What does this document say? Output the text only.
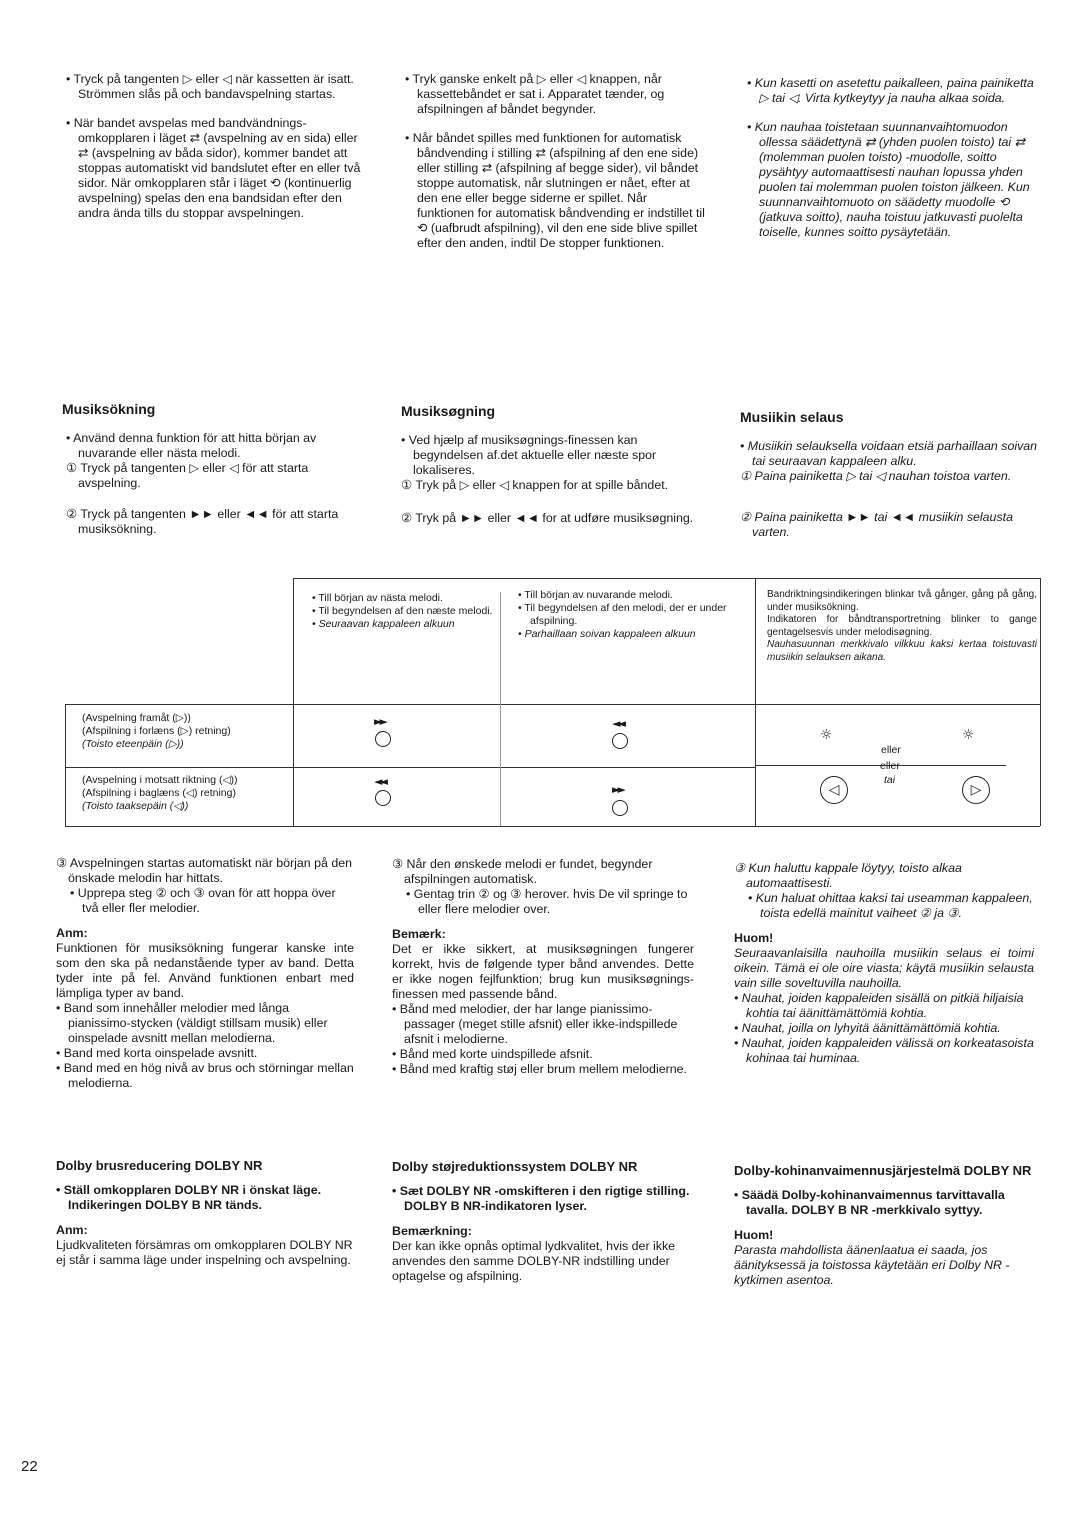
• Tryck på tangenten ▷ eller ◁ när kassetten är isatt. Strömmen slås på och bandavspelning startas.

• När bandet avspelas med bandvändnings-omkopplaren i läget ⇄ (avspelning av en sida) eller ⇄ (avspelning av båda sidor), kommer bandet att stoppas automatiskt vid bandslutet efter en eller två sidor. När omkopplaren står i läget ⟲ (kontinuerlig avspelning) spelas den ena bandsidan efter den andra ända tills du stoppar avspelningen.

• Tryk ganske enkelt på ▷ eller ◁ knappen, når kassettebåndet er sat i. Apparatet tænder, og afspilningen af båndet begynder.

• Når båndet spilles med funktionen for automatisk båndvending i stilling ⇄ (afspilning af den ene side) eller stilling ⇄ (afspilning af begge sider), vil båndet stoppe automatisk, når slutningen er nået, efter at den ene eller begge siderne er spillet. Når funktionen for automatisk båndvending er indstillet til ⟲ (uafbrudt afspilning), vil den ene side blive spillet efter den anden, indtil De stopper funktionen.

• Kun kasetti on asetettu paikalleen, paina painiketta ▷ tai ◁. Virta kytkeytyy ja nauha alkaa soida.

• Kun nauhaa toistetaan suunnanvaihtomuodon ollessa säädettynä ⇄ (yhden puolen toisto) tai ⇄ (molemman puolen toisto) -muodolle, soitto pysähtyy automaattisesti nauhan lopussa yhden puolen tai molemman puolen toiston jälkeen. Kun suunnanvaihtomuoto on säädetty muodolle ⟲ (jatkuva soitto), nauha toistuu jatkuvasti puolelta toiselle, kunnes soitto pysäytetään.

Musiksökning

• Använd denna funktion för att hitta början av nuvarande eller nästa melodi.

① Tryck på tangenten ▷ eller ◁ för att starta avspelning.

② Tryck på tangenten ►► eller ◄◄ för att starta musiksökning.

Musiksøgning

• Ved hjælp af musiksøgnings-finessen kan begyndelsen af.det aktuelle eller næste spor lokaliseres.

① Tryk på ▷ eller ◁ knappen for at spille båndet.

② Tryk på ►► eller ◄◄ for at udføre musiksøgning.

Musiikin selaus

• Musiikin selauksella voidaan etsiä parhaillaan soivan tai seuraavan kappaleen alku.

① Paina painiketta ▷ tai ◁ nauhan toistoa varten.

② Paina painiketta ►► tai ◄◄ musiikin selausta varten.

• Till början av nästa melodi.
• Til begyndelsen af den næste melodi.
• Seuraavan kappaleen alkuun
• Till början av nuvarande melodi.
• Til begyndelsen af den melodi, der er under afspilning.
• Parhaillaan soivan kappaleen alkuun
Bandriktningsindikeringen blinkar två gånger, gång på gång, under musiksökning.
Indikatoren for båndtransportretning blinker to gange gentagelsesvis under melodisøgning.
Nauhasuunnan merkkivalo vilkkuu kaksi kertaa toistuvasti musiikin selauksen aikana.
(Avspelning framåt (▷))
(Afspilning i forlæns (▷) retning)
(Toisto eteenpäin (▷))
(Avspelning i motsatt riktning (◁))
(Afspilning i baglæns (◁) retning)
(Toisto taaksepäin (◁))
►►	◄◄
◄◄
►►
☼
eller
☼
◁
eller
tai
▷

③ Avspelningen startas automatiskt när början på den önskade melodin har hittats.

• Upprepa steg ② och ③ ovan för att hoppa över två eller fler melodier.

Anm:

Funktionen för musiksökning fungerar kanske inte som den ska på nedanstående typer av band. Detta tyder inte på fel. Använd funktionen enbart med lämpliga typer av band.

• Band som innehåller melodier med långa pianissimo-stycken (väldigt stillsam musik) eller oinspelade avsnitt mellan melodierna.

• Band med korta oinspelade avsnitt.

• Band med en hög nivå av brus och störningar mellan melodierna.

③ Når den ønskede melodi er fundet, begynder afspilningen automatisk.

• Gentag trin ② og ③ herover. hvis De vil springe to eller flere melodier over.

Bemærk:

Det er ikke sikkert, at musiksøgningen fungerer korrekt, hvis de følgende typer bånd anvendes. Dette er ikke nogen fejlfunktion; brug kun musiksøgnings-finessen med passende bånd.

• Bånd med melodier, der har lange pianissimo-passager (meget stille afsnit) eller ikke-indspillede afsnit i melodierne.

• Bånd med korte uindspillede afsnit.

• Bånd med kraftig støj eller brum mellem melodierne.

③ Kun haluttu kappale löytyy, toisto alkaa automaattisesti.

• Kun haluat ohittaa kaksi tai useamman kappaleen, toista edellä mainitut vaiheet ② ja ③.

Huom!

Seuraavanlaisilla nauhoilla musiikin selaus ei toimi oikein. Tämä ei ole oire viasta; käytä musiikin selausta vain sille soveltuvilla nauhoilla.

• Nauhat, joiden kappaleiden sisällä on pitkiä hiljaisia kohtia tai äänittämättömiä kohtia.

• Nauhat, joilla on lyhyitä äänittämättömiä kohtia.

• Nauhat, joiden kappaleiden välissä on korkeatasoista kohinaa tai huminaa.

Dolby brusreducering DOLBY NR

• Ställ omkopplaren DOLBY NR i önskat läge. Indikeringen DOLBY B NR tänds.

Anm:

Ljudkvaliteten försämras om omkopplaren DOLBY NR ej står i samma läge under inspelning och avspelning.

Dolby støjreduktionssystem DOLBY NR

• Sæt DOLBY NR -omskifteren i den rigtige stilling. DOLBY B NR-indikatoren lyser.

Bemærkning:

Der kan ikke opnås optimal lydkvalitet, hvis der ikke anvendes den samme DOLBY-NR indstilling under optagelse og afspilning.

Dolby-kohinanvaimennusjärjestelmä DOLBY NR

• Säädä Dolby-kohinanvaimennus tarvittavalla tavalla. DOLBY B NR -merkkivalo syttyy.

Huom!

Parasta mahdollista äänenlaatua ei saada, jos äänityksessä ja toistossa käytetään eri Dolby NR -kytkimen asentoa.

22
